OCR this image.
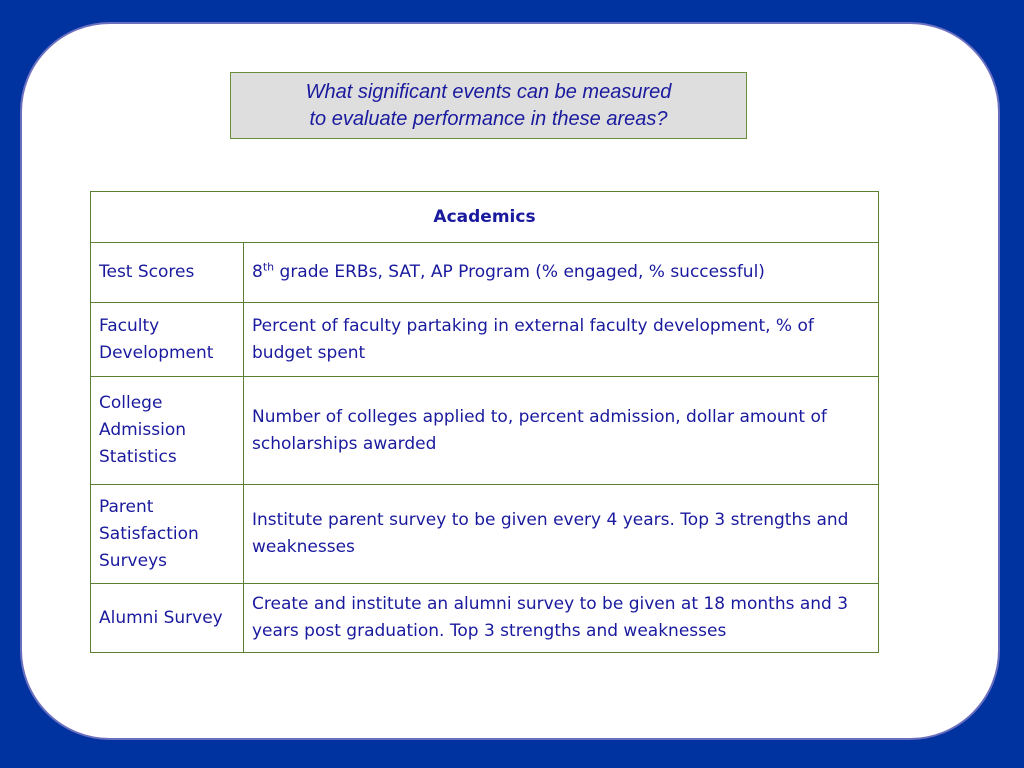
What significant events can be measured
to evaluate performance in these areas?
Academics	
Test Scores	8th grade ERBs, SAT, AP Program (% engaged, % successful)
Faculty Development	Percent of faculty partaking in external faculty development, % of budget spent
College Admission Statistics	Number of colleges applied to, percent admission, dollar amount of scholarships awarded
Parent Satisfaction Surveys	Institute parent survey to be given every 4 years. Top 3 strengths and weaknesses
Alumni Survey	Create and institute an alumni survey to be given at 18 months and 3 years post graduation. Top 3 strengths and weaknesses
